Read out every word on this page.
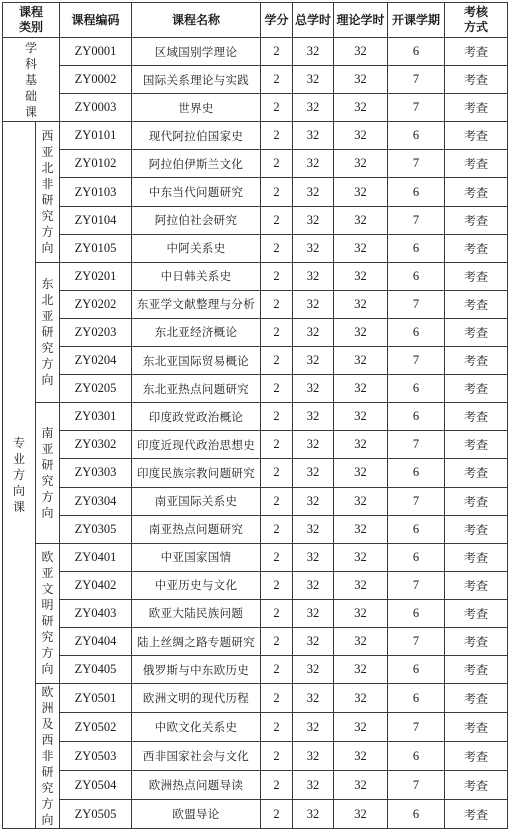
课程类别		课程编码	课程名称	学分	总学时	理论学时	开课学期	考核方式
学科基础课		ZY0001	区域国别学理论	2	32	32	6	考查
		ZY0002	国际关系理论与实践	2	32	32	7	考查
		ZY0003	世界史	2	32	32	7	考查
专业方向课	西亚北非研究方向	ZY0101	现代阿拉伯国家史	2	32	32	6	考查
		ZY0102	阿拉伯伊斯兰文化	2	32	32	7	考查
		ZY0103	中东当代问题研究	2	32	32	6	考查
		ZY0104	阿拉伯社会研究	2	32	32	7	考查
		ZY0105	中阿关系史	2	32	32	6	考查
	东北亚研究方向	ZY0201	中日韩关系史	2	32	32	6	考查
		ZY0202	东亚学文献整理与分析	2	32	32	7	考查
		ZY0203	东北亚经济概论	2	32	32	6	考查
		ZY0204	东北亚国际贸易概论	2	32	32	7	考查
		ZY0205	东北亚热点问题研究	2	32	32	6	考查
	南亚研究方向	ZY0301	印度政党政治概论	2	32	32	6	考查
		ZY0302	印度近现代政治思想史	2	32	32	7	考查
		ZY0303	印度民族宗教问题研究	2	32	32	6	考查
		ZY0304	南亚国际关系史	2	32	32	7	考查
		ZY0305	南亚热点问题研究	2	32	32	6	考查
	欧亚文明研究方向	ZY0401	中亚国家国情	2	32	32	6	考查
		ZY0402	中亚历史与文化	2	32	32	7	考查
		ZY0403	欧亚大陆民族问题	2	32	32	6	考查
		ZY0404	陆上丝绸之路专题研究	2	32	32	7	考查
		ZY0405	俄罗斯与中东欧历史	2	32	32	6	考查
	欧洲及西非研究方向	ZY0501	欧洲文明的现代历程	2	32	32	6	考查
		ZY0502	中欧文化关系史	2	32	32	7	考查
		ZY0503	西非国家社会与文化	2	32	32	6	考查
		ZY0504	欧洲热点问题导读	2	32	32	7	考查
		ZY0505	欧盟导论	2	32	32	6	考查
